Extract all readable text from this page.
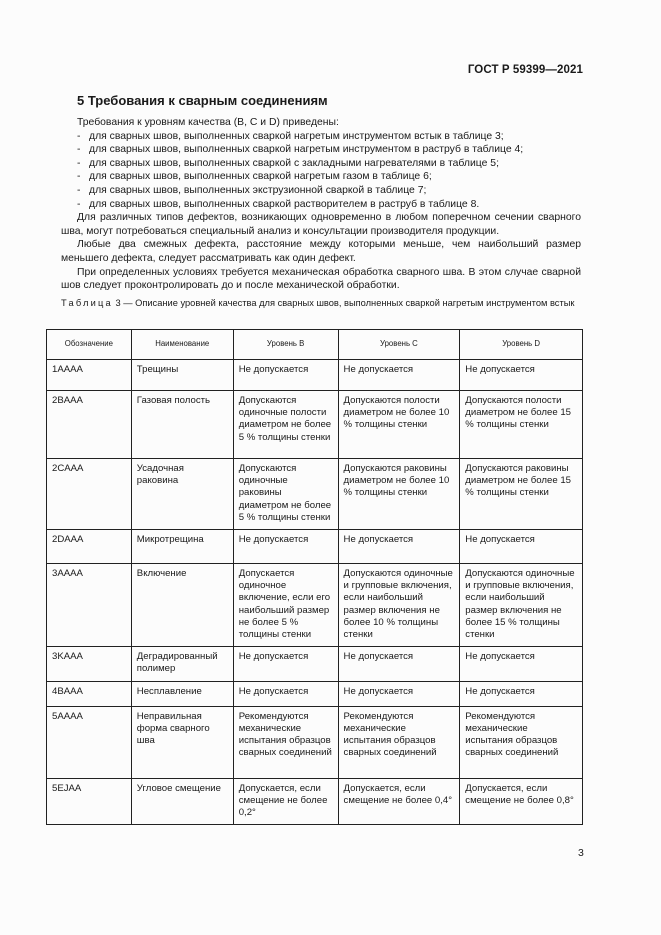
ГОСТ Р 59399—2021
5 Требования к сварным соединениям

Требования к уровням качества (B, C и D) приведены:

- для сварных швов, выполненных сваркой нагретым инструментом встык в таблице 3;

- для сварных швов, выполненных сваркой нагретым инструментом в раструб в таблице 4;

- для сварных швов, выполненных сваркой с закладными нагревателями в таблице 5;

- для сварных швов, выполненных сваркой нагретым газом в таблице 6;

- для сварных швов, выполненных экструзионной сваркой в таблице 7;

- для сварных швов, выполненных сваркой растворителем в раструб в таблице 8.

Для различных типов дефектов, возникающих одновременно в любом поперечном сечении сварного шва, могут потребоваться специальный анализ и консультации производителя продукции.

Любые два смежных дефекта, расстояние между которыми меньше, чем наибольший размер меньшего дефекта, следует рассматривать как один дефект.

При определенных условиях требуется механическая обработка сварного шва. В этом случае сварной шов следует проконтролировать до и после механической обработки.

Таблица 3 — Описание уровней качества для сварных швов, выполненных сваркой нагретым инструментом встык
Обозначение	Наименование	Уровень B	Уровень C	Уровень D
1AAAA	Трещины	Не допускается	Не допускается	Не допускается
2BAAA	Газовая полость	Допускаются одиночные полости диаметром не более 5 % толщины стенки	Допускаются полости диаметром не более 10 % толщины стенки	Допускаются полости диаметром не более 15 % толщины стенки
2CAAA	Усадочная раковина	Допускаются одиночные раковины диаметром не более 5 % толщины стенки	Допускаются раковины диаметром не более 10 % толщины стенки	Допускаются раковины диаметром не более 15 % толщины стенки
2DAAA	Микротрещина	Не допускается	Не допускается	Не допускается
3AAAA	Включение	Допускается одиночное включение, если его наибольший размер не более 5 % толщины стенки	Допускаются одиночные и групповые включения, если наибольший размер включения не более 10 % толщины стенки	Допускаются одиночные и групповые включения, если наибольший размер включения не более 15 % толщины стенки
3KAAA	Деградированный полимер	Не допускается	Не допускается	Не допускается
4BAAA	Несплавление	Не допускается	Не допускается	Не допускается
5AAAA	Неправильная форма сварного шва	Рекомендуются механические испытания образцов сварных соединений	Рекомендуются механические испытания образцов сварных соединений	Рекомендуются механические испытания образцов сварных соединений
5EJAA	Угловое смещение	Допускается, если смещение не более 0,2°	Допускается, если смещение не более 0,4°	Допускается, если смещение не более 0,8°
3
